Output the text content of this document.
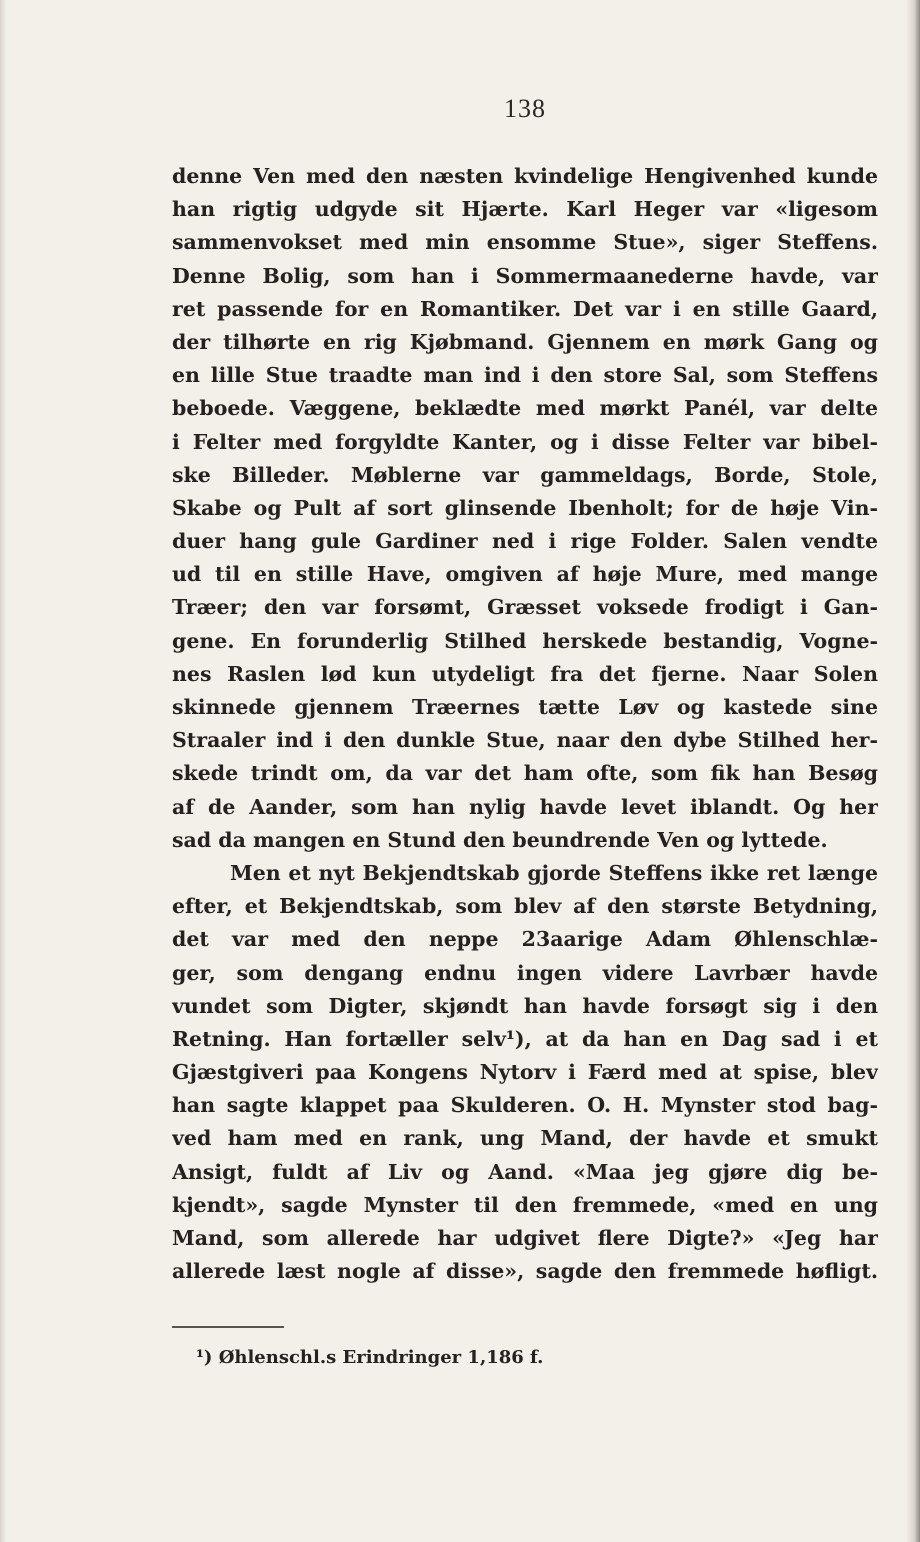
138
denne Ven med den næsten kvindelige Hengivenhed kunde
han rigtig udgyde sit Hjærte. Karl Heger var «ligesom
sammenvokset med min ensomme Stue», siger Steffens.
Denne Bolig, som han i Sommermaanederne havde, var
ret passende for en Romantiker. Det var i en stille Gaard,
der tilhørte en rig Kjøbmand. Gjennem en mørk Gang og
en lille Stue traadte man ind i den store Sal, som Steffens
beboede. Væggene, beklædte med mørkt Panél, var delte
i Felter med forgyldte Kanter, og i disse Felter var bibel-
ske Billeder. Møblerne var gammeldags, Borde, Stole,
Skabe og Pult af sort glinsende Ibenholt; for de høje Vin-
duer hang gule Gardiner ned i rige Folder. Salen vendte
ud til en stille Have, omgiven af høje Mure, med mange
Træer; den var forsømt, Græsset voksede frodigt i Gan-
gene. En forunderlig Stilhed herskede bestandig, Vogne-
nes Raslen lød kun utydeligt fra det fjerne. Naar Solen
skinnede gjennem Træernes tætte Løv og kastede sine
Straaler ind i den dunkle Stue, naar den dybe Stilhed her-
skede trindt om, da var det ham ofte, som fik han Besøg
af de Aander, som han nylig havde levet iblandt. Og her
sad da mangen en Stund den beundrende Ven og lyttede.
Men et nyt Bekjendtskab gjorde Steffens ikke ret længe
efter, et Bekjendtskab, som blev af den største Betydning,
det var med den neppe 23aarige Adam Øhlenschlæ-
ger, som dengang endnu ingen videre Lavrbær havde
vundet som Digter, skjøndt han havde forsøgt sig i den
Retning. Han fortæller selv¹), at da han en Dag sad i et
Gjæstgiveri paa Kongens Nytorv i Færd med at spise, blev
han sagte klappet paa Skulderen. O. H. Mynster stod bag-
ved ham med en rank, ung Mand, der havde et smukt
Ansigt, fuldt af Liv og Aand. «Maa jeg gjøre dig be-
kjendt», sagde Mynster til den fremmede, «med en ung
Mand, som allerede har udgivet flere Digte?» «Jeg har
allerede læst nogle af disse», sagde den fremmede høfligt.
¹) Øhlenschl.s Erindringer 1,186 f.
